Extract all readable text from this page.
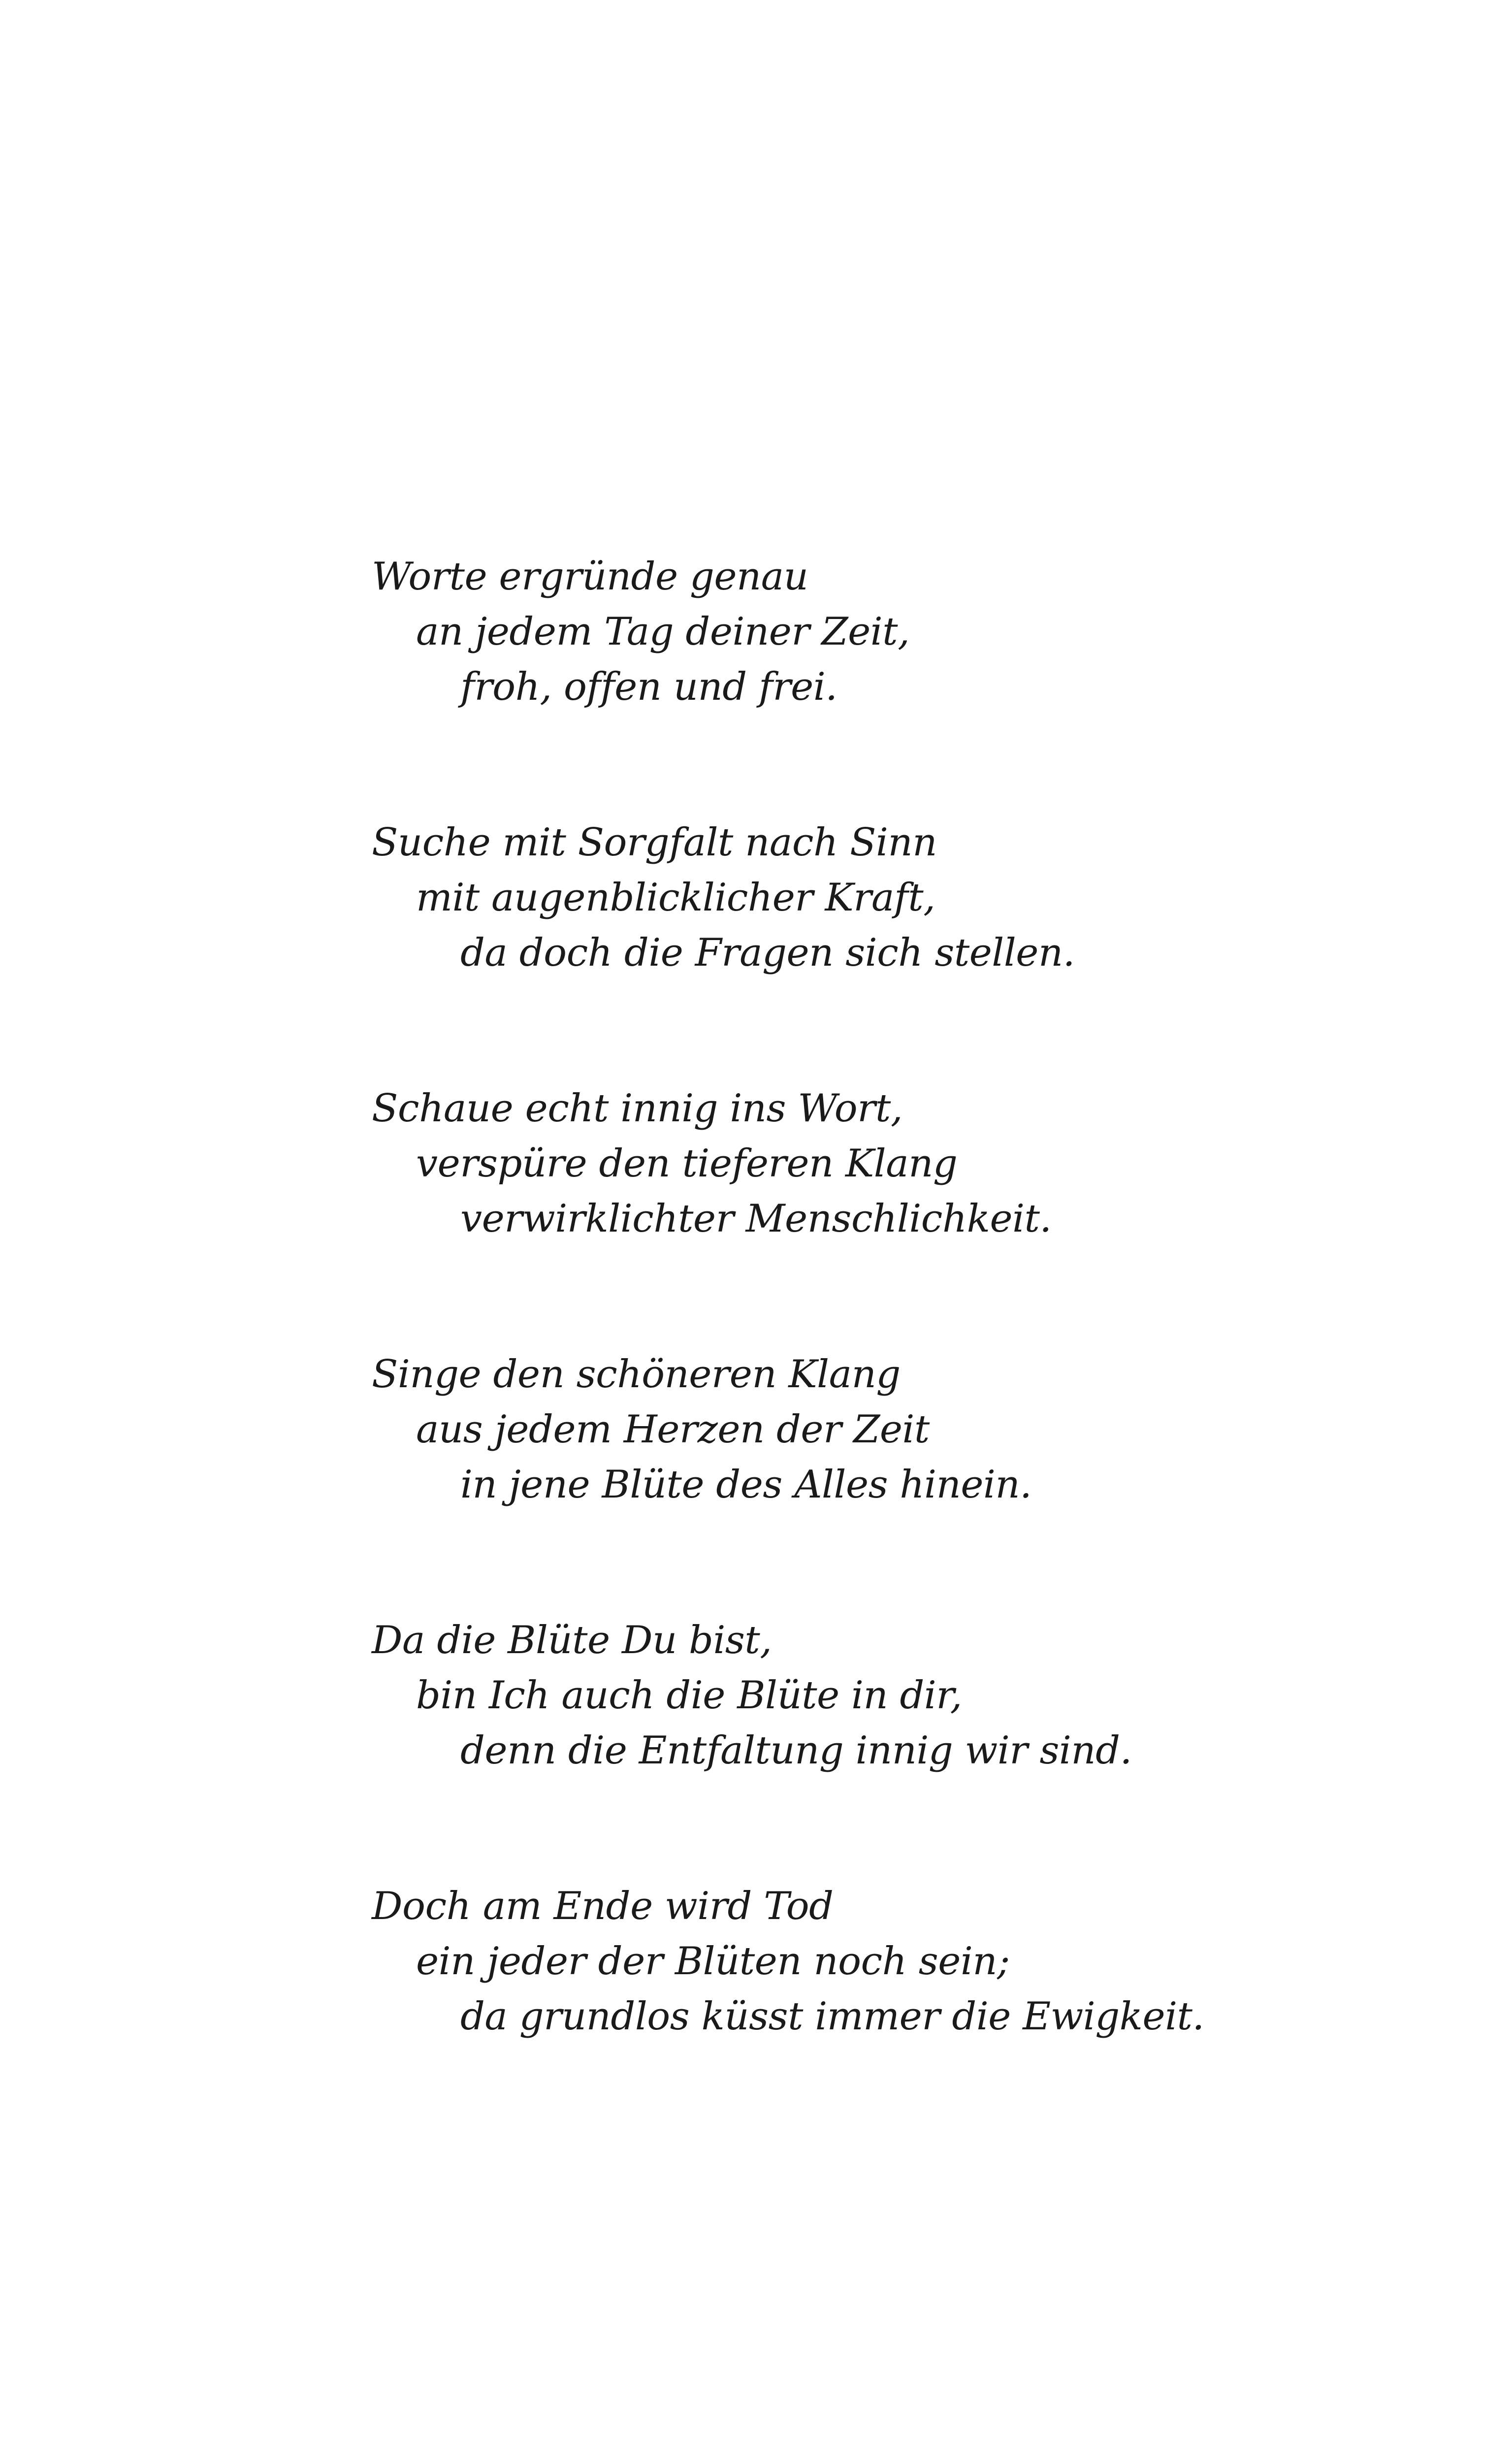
Worte ergründe genau
an jedem Tag deiner Zeit,
froh, offen und frei.
Suche mit Sorgfalt nach Sinn
mit augenblicklicher Kraft,
da doch die Fragen sich stellen.
Schaue echt innig ins Wort,
verspüre den tieferen Klang
verwirklichter Menschlichkeit.
Singe den schöneren Klang
aus jedem Herzen der Zeit
in jene Blüte des Alles hinein.
Da die Blüte Du bist,
bin Ich auch die Blüte in dir,
denn die Entfaltung innig wir sind.
Doch am Ende wird Tod
ein jeder der Blüten noch sein;
da grundlos küsst immer die Ewigkeit.
